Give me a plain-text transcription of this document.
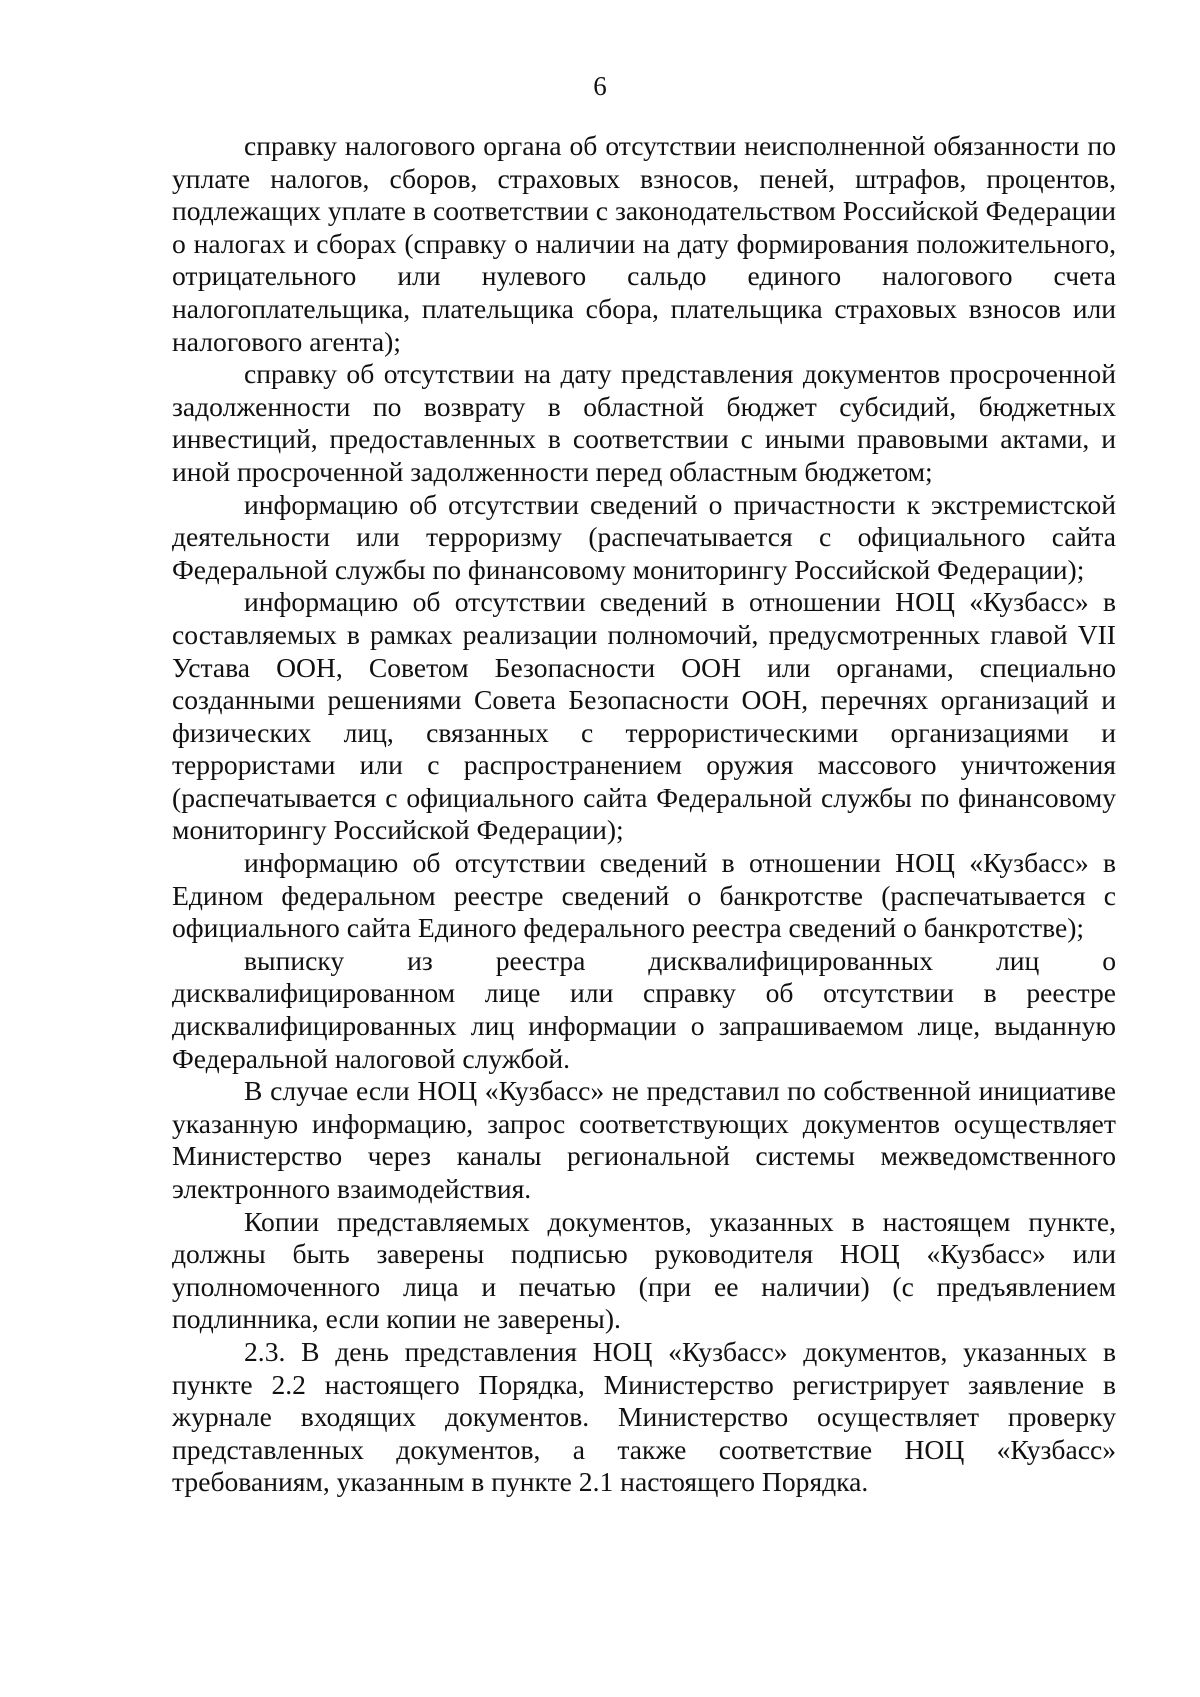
6

справку налогового органа об отсутствии неисполненной обязанности по уплате налогов, сборов, страховых взносов, пеней, штрафов, процентов, подлежащих уплате в соответствии с законодательством Российской Федерации о налогах и сборах (справку о наличии на дату формирования положительного, отрицательного или нулевого сальдо единого налогового счета налогоплательщика, плательщика сбора, плательщика страховых взносов или налогового агента);

справку об отсутствии на дату представления документов просроченной задолженности по возврату в областной бюджет субсидий, бюджетных инвестиций, предоставленных в соответствии с иными правовыми актами, и иной просроченной задолженности перед областным бюджетом;

информацию об отсутствии сведений о причастности к экстремистской деятельности или терроризму (распечатывается с официального сайта Федеральной службы по финансовому мониторингу Российской Федерации);

информацию об отсутствии сведений в отношении НОЦ «Кузбасс» в составляемых в рамках реализации полномочий, предусмотренных главой VII Устава ООН, Советом Безопасности ООН или органами, специально созданными решениями Совета Безопасности ООН, перечнях организаций и физических лиц, связанных с террористическими организациями и террористами или с распространением оружия массового уничтожения (распечатывается с официального сайта Федеральной службы по финансовому мониторингу Российской Федерации);

информацию об отсутствии сведений в отношении НОЦ «Кузбасс» в Едином федеральном реестре сведений о банкротстве (распечатывается с официального сайта Единого федерального реестра сведений о банкротстве);

выписку из реестра дисквалифицированных лиц о дисквалифицированном лице или справку об отсутствии в реестре дисквалифицированных лиц информации о запрашиваемом лице, выданную Федеральной налоговой службой.

В случае если НОЦ «Кузбасс» не представил по собственной инициативе указанную информацию, запрос соответствующих документов осуществляет Министерство через каналы региональной системы межведомственного электронного взаимодействия.

Копии представляемых документов, указанных в настоящем пункте, должны быть заверены подписью руководителя НОЦ «Кузбасс» или уполномоченного лица и печатью (при ее наличии) (с предъявлением подлинника, если копии не заверены).

2.3. В день представления НОЦ «Кузбасс» документов, указанных в пункте 2.2 настоящего Порядка, Министерство регистрирует заявление в журнале входящих документов. Министерство осуществляет проверку представленных документов, а также соответствие НОЦ «Кузбасс» требованиям, указанным в пункте 2.1 настоящего Порядка.
